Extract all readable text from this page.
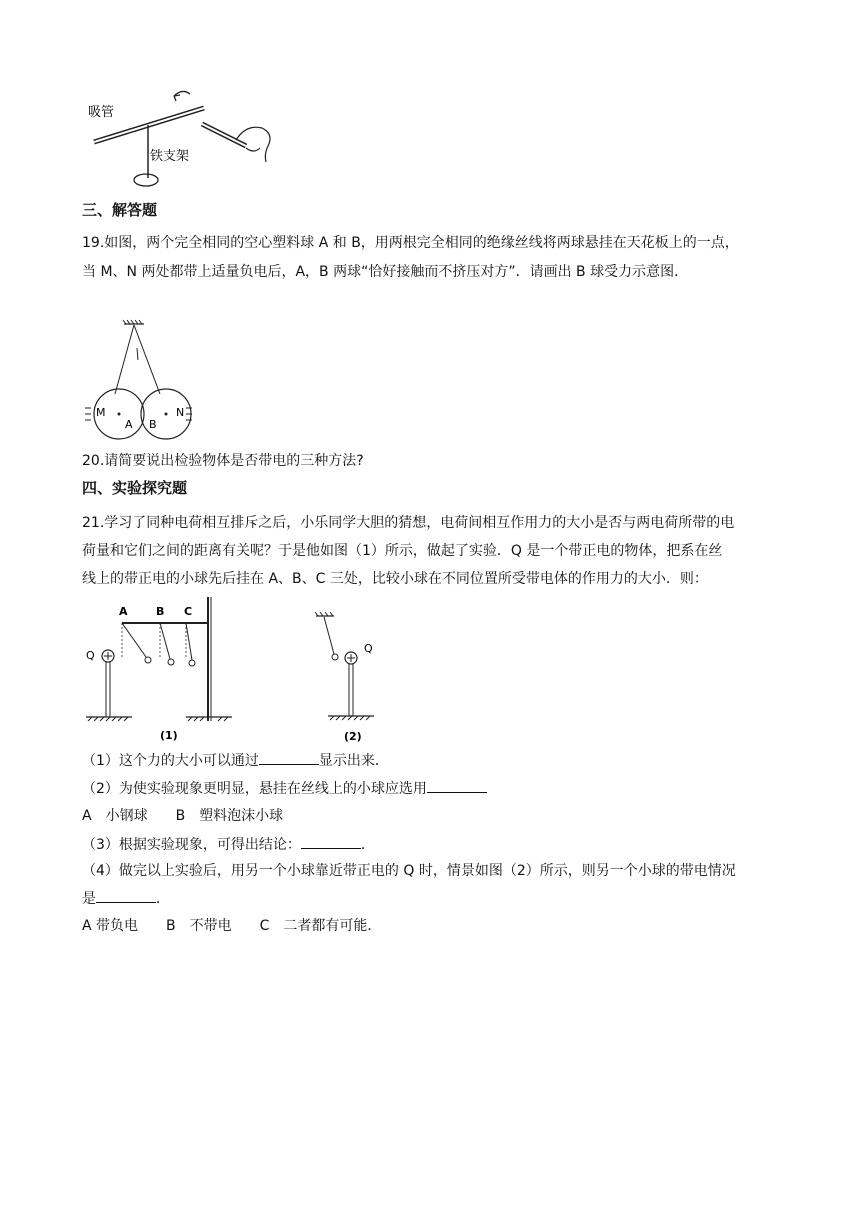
吸管
铁支架
三、解答题
19.如图，两个完全相同的空心塑料球 A 和 B，用两根完全相同的绝缘丝线将两球悬挂在天花板上的一点，
当 M、N 两处都带上适量负电后，A，B 两球“恰好接触而不挤压对方”．请画出 B 球受力示意图．
M
A B
N
20.请简要说出检验物体是否带电的三种方法?
四、实验探究题
21.学习了同种电荷相互排斥之后，小乐同学大胆的猜想，电荷间相互作用力的大小是否与两电荷所带的电
荷量和它们之间的距离有关呢？于是他如图（1）所示，做起了实验．Q 是一个带正电的物体，把系在丝
线上的带正电的小球先后挂在 A、B、C 三处，比较小球在不同位置所受带电体的作用力的大小．则：
A	B C
Q
(1)
Q
(2)
（1）这个力的大小可以通过	显示出来．
（2）为使实验现象更明显，悬挂在丝线上的小球应选用
A　小钢球　　B　塑料泡沫小球
（3）根据实验现象，可得出结论：	．
（4）做完以上实验后，用另一个小球靠近带正电的 Q 时，情景如图（2）所示，则另一个小球的带电情况
是	．
A 带负电　　B　不带电　　C　二者都有可能．
